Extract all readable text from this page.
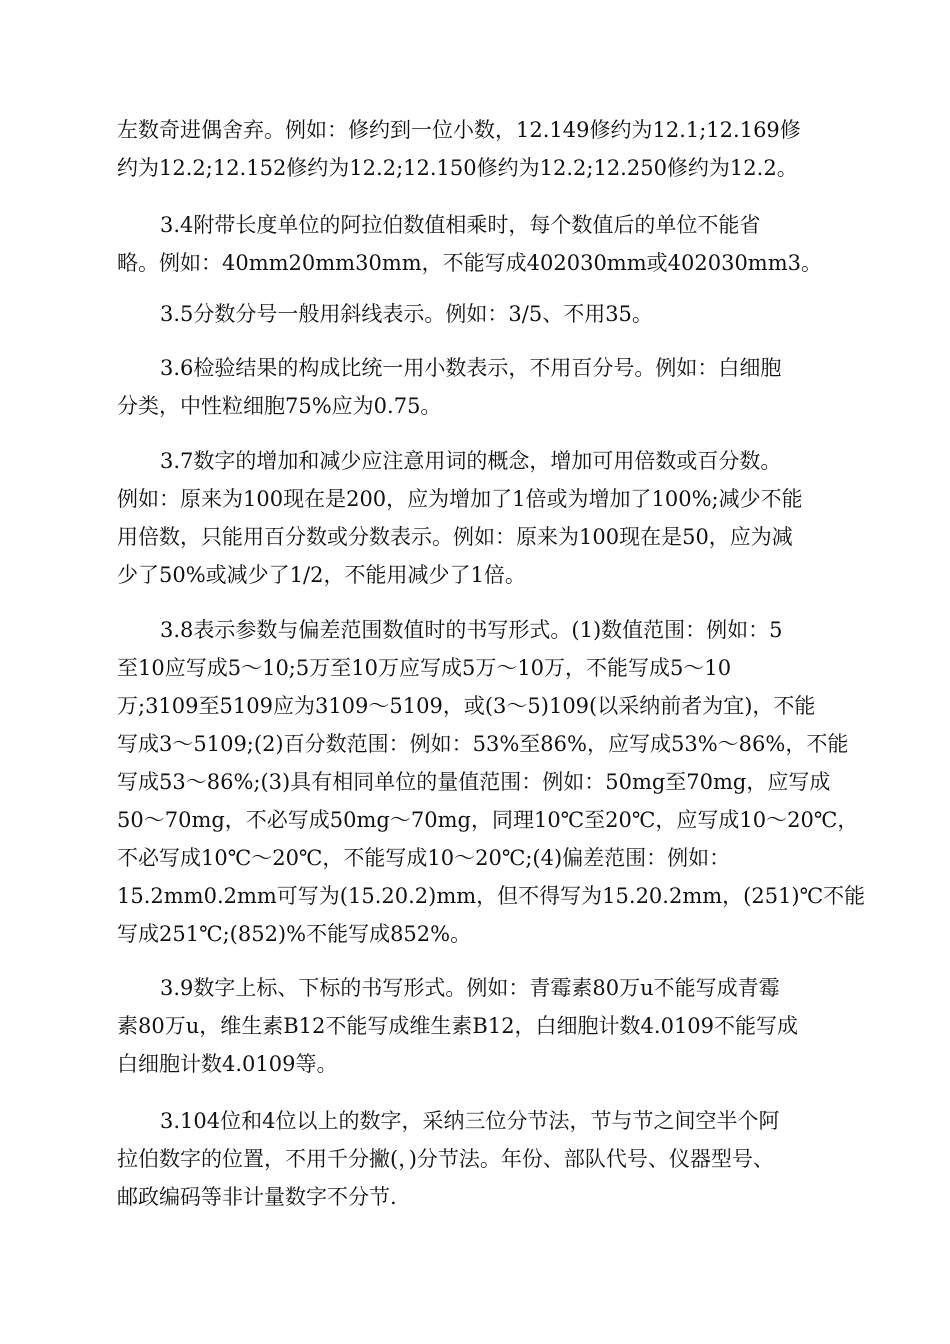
左数奇进偶舍弃。例如：修约到一位小数，12.149修约为12.1;12.169修
约为12.2;12.152修约为12.2;12.150修约为12.2;12.250修约为12.2。
3.4附带长度单位的阿拉伯数值相乘时，每个数值后的单位不能省
略。例如：40mm20mm30mm，不能写成402030mm或402030mm3。
3.5分数分号一般用斜线表示。例如：3/5、不用35。
3.6检验结果的构成比统一用小数表示，不用百分号。例如：白细胞
分类，中性粒细胞75%应为0.75。
3.7数字的增加和减少应注意用词的概念，增加可用倍数或百分数。
例如：原来为100现在是200，应为增加了1倍或为增加了100%;减少不能
用倍数，只能用百分数或分数表示。例如：原来为100现在是50，应为减
少了50%或减少了1/2，不能用减少了1倍。
3.8表示参数与偏差范围数值时的书写形式。(1)数值范围：例如：5
至10应写成5～10;5万至10万应写成5万～10万，不能写成5～10
万;3109至5109应为3109～5109，或(3～5)109(以采纳前者为宜)，不能
写成3～5109;(2)百分数范围：例如：53%至86%，应写成53%～86%，不能
写成53～86%;(3)具有相同单位的量值范围：例如：50mg至70mg，应写成
50～70mg，不必写成50mg～70mg，同理10℃至20℃，应写成10～20℃，
不必写成10℃～20℃，不能写成10～20℃;(4)偏差范围：例如：
15.2mm0.2mm可写为(15.20.2)mm，但不得写为15.20.2mm，(251)℃不能
写成251℃;(852)%不能写成852%。
3.9数字上标、下标的书写形式。例如：青霉素80万u不能写成青霉
素80万u，维生素B12不能写成维生素B12，白细胞计数4.0109不能写成
白细胞计数4.0109等。
3.104位和4位以上的数字，采纳三位分节法，节与节之间空半个阿
拉伯数字的位置，不用千分撇(，)分节法。年份、部队代号、仪器型号、
邮政编码等非计量数字不分节.
